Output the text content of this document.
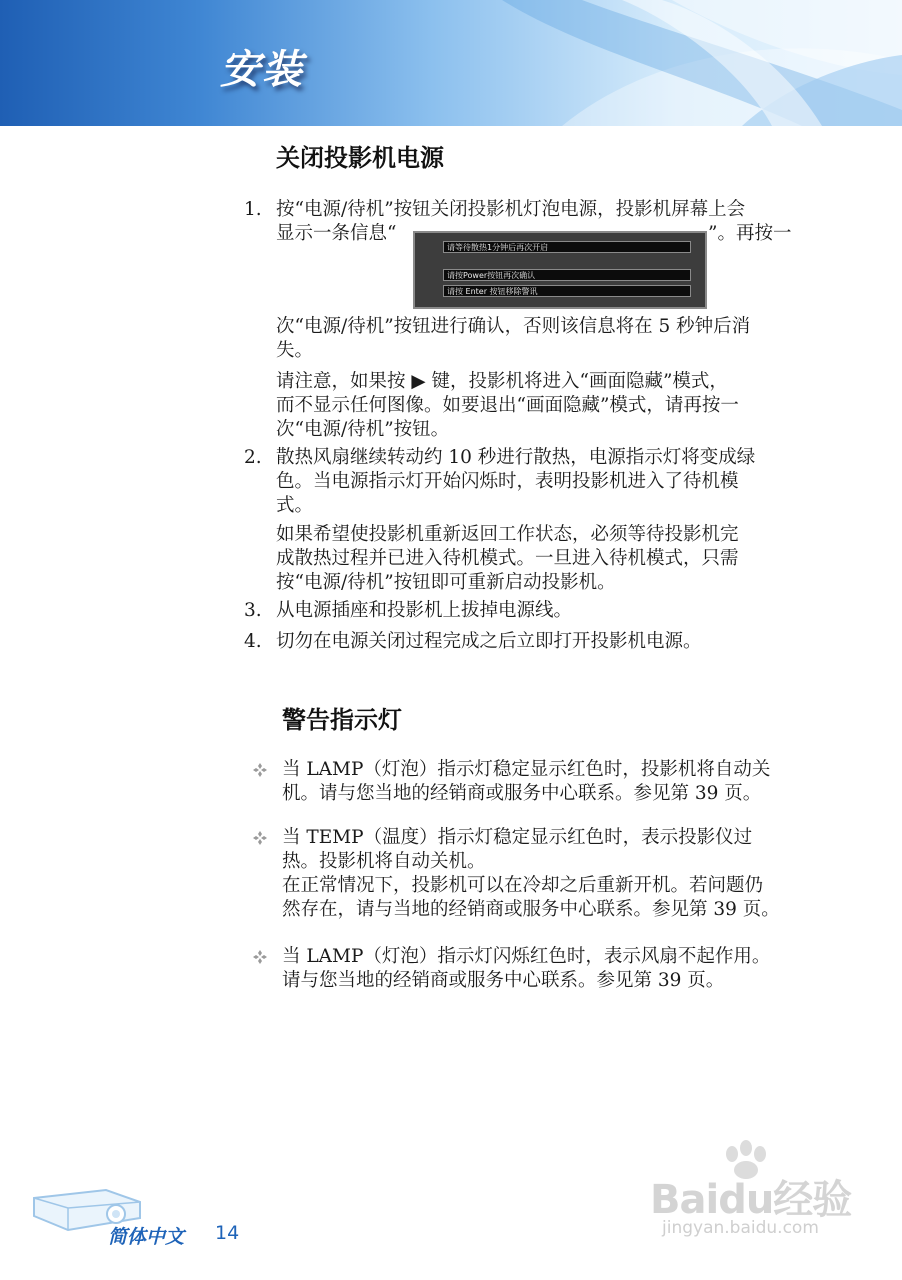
安装
关闭投影机电源
1. 按“电源/待机”按钮关闭投影机灯泡电源，投影机屏幕上会

显示一条信息“	”。再按一

请等待散热1分钟后再次开启
请按Power按钮再次确认
请按 Enter 按钮移除警讯

次“电源/待机”按钮进行确认，否则该信息将在 5 秒钟后消

失。

请注意，如果按 ▶ 键，投影机将进入“画面隐藏”模式，

而不显示任何图像。如要退出“画面隐藏”模式，请再按一

次“电源/待机”按钮。

2. 散热风扇继续转动约 10 秒进行散热，电源指示灯将变成绿

色。当电源指示灯开始闪烁时，表明投影机进入了待机模

式。

如果希望使投影机重新返回工作状态，必须等待投影机完

成散热过程并已进入待机模式。一旦进入待机模式，只需

按“电源/待机”按钮即可重新启动投影机。

3. 从电源插座和投影机上拔掉电源线。

4. 切勿在电源关闭过程完成之后立即打开投影机电源。

警告指示灯

当 LAMP（灯泡）指示灯稳定显示红色时，投影机将自动关

机。请与您当地的经销商或服务中心联系。参见第 39 页。

当 TEMP（温度）指示灯稳定显示红色时，表示投影仪过

热。投影机将自动关机。

在正常情况下，投影机可以在冷却之后重新开机。若问题仍

然存在，请与当地的经销商或服务中心联系。参见第 39 页。

当 LAMP（灯泡）指示灯闪烁红色时，表示风扇不起作用。

请与您当地的经销商或服务中心联系。参见第 39 页。

简体中文 14
Baidu经验
jingyan.baidu.com
